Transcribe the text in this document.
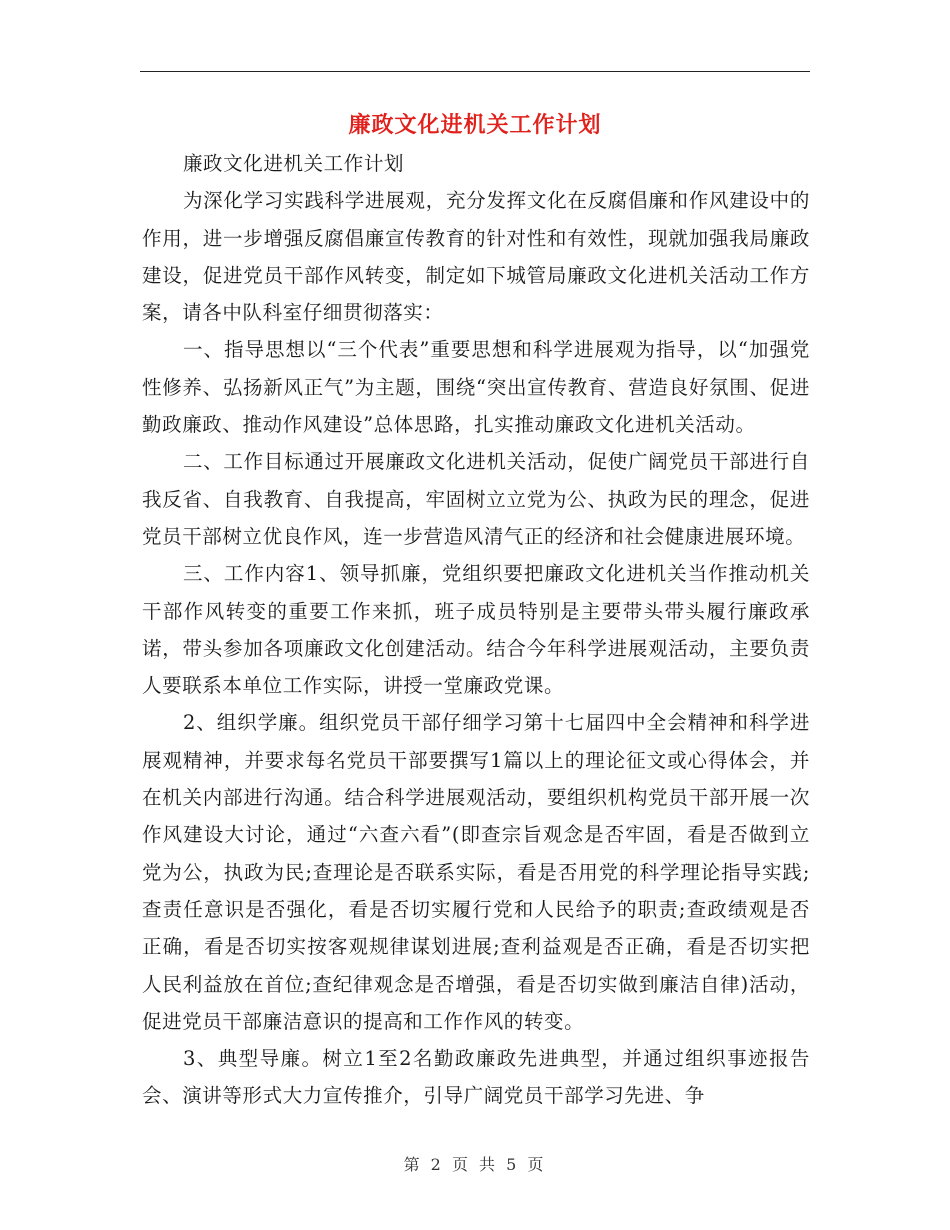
廉政文化进机关工作计划

廉政文化进机关工作计划

为深化学习实践科学进展观，充分发挥文化在反腐倡廉和作风建设中的作用，进一步增强反腐倡廉宣传教育的针对性和有效性，现就加强我局廉政建设，促进党员干部作风转变，制定如下城管局廉政文化进机关活动工作方案，请各中队科室仔细贯彻落实：

一、指导思想以“三个代表”重要思想和科学进展观为指导，以“加强党性修养、弘扬新风正气”为主题，围绕“突出宣传教育、营造良好氛围、促进勤政廉政、推动作风建设”总体思路，扎实推动廉政文化进机关活动。

二、工作目标通过开展廉政文化进机关活动，促使广阔党员干部进行自我反省、自我教育、自我提高，牢固树立立党为公、执政为民的理念，促进党员干部树立优良作风，连一步营造风清气正的经济和社会健康进展环境。

三、工作内容1、领导抓廉，党组织要把廉政文化进机关当作推动机关干部作风转变的重要工作来抓，班子成员特别是主要带头带头履行廉政承诺，带头参加各项廉政文化创建活动。结合今年科学进展观活动，主要负责人要联系本单位工作实际，讲授一堂廉政党课。

2、组织学廉。组织党员干部仔细学习第十七届四中全会精神和科学进展观精神，并要求每名党员干部要撰写1篇以上的理论征文或心得体会，并在机关内部进行沟通。结合科学进展观活动，要组织机构党员干部开展一次作风建设大讨论，通过“六查六看”(即查宗旨观念是否牢固，看是否做到立党为公，执政为民;查理论是否联系实际，看是否用党的科学理论指导实践;查责任意识是否强化，看是否切实履行党和人民给予的职责;查政绩观是否正确，看是否切实按客观规律谋划进展;查利益观是否正确，看是否切实把人民利益放在首位;查纪律观念是否增强，看是否切实做到廉洁自律)活动，促进党员干部廉洁意识的提高和工作作风的转变。

3、典型导廉。树立1至2名勤政廉政先进典型，并通过组织事迹报告会、演讲等形式大力宣传推介，引导广阔党员干部学习先进、争

第 2 页 共 5 页
